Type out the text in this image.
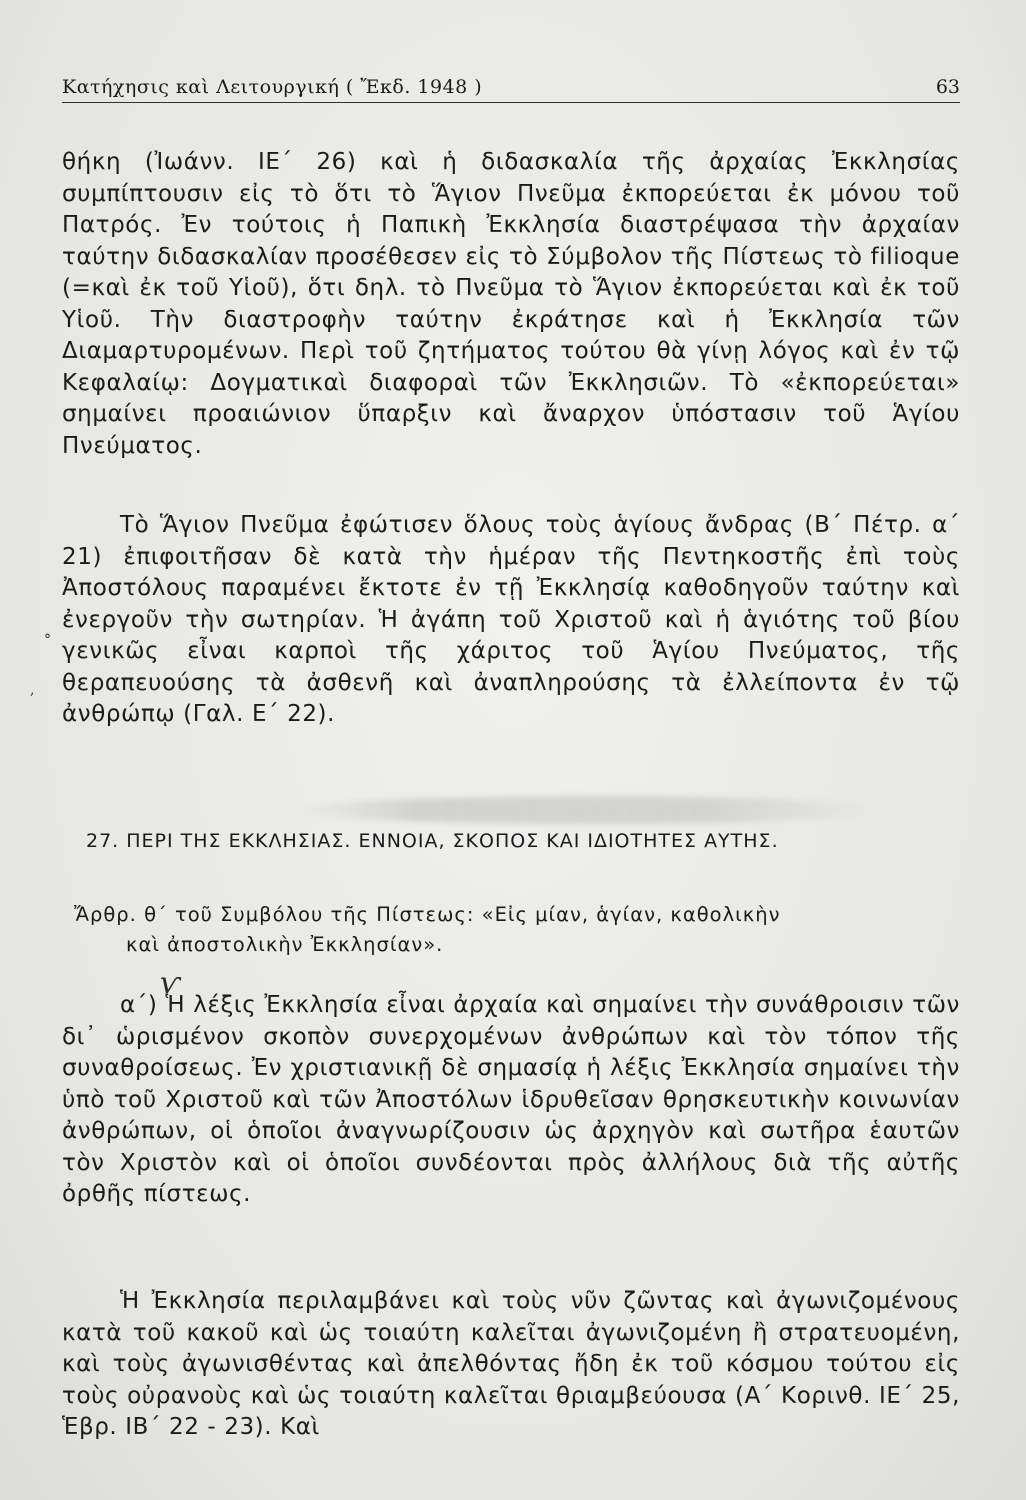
Κατήχησις καὶ Λειτουργική ( Ἔκδ. 1948 )	63
θήκη (Ἰωάνν. ΙΕ΄ 26) καὶ ἡ διδασκαλία τῆς ἀρχαίας Ἐκκλησίας συμπίπτουσιν εἰς τὸ ὅτι τὸ Ἅγιον Πνεῦμα ἐκπορεύεται ἐκ μόνου τοῦ Πατρός. Ἐν τούτοις ἡ Παπικὴ Ἐκκλησία διαστρέψασα τὴν ἀρχαίαν ταύτην διδασκαλίαν προσέθεσεν εἰς τὸ Σύμβολον τῆς Πίστεως τὸ filioque (=καὶ ἐκ τοῦ Υἱοῦ), ὅτι δηλ. τὸ Πνεῦμα τὸ Ἅγιον ἐκπορεύεται καὶ ἐκ τοῦ Υἱοῦ. Τὴν διαστροφὴν ταύτην ἐκράτησε καὶ ἡ Ἐκκλησία τῶν Διαμαρτυρομένων. Περὶ τοῦ ζητήματος τούτου θὰ γίνῃ λόγος καὶ ἐν τῷ Κεφαλαίῳ: Δογματικαὶ διαφοραὶ τῶν Ἐκκλησιῶν. Τὸ «ἐκπορεύεται» σημαίνει προαιώνιον ὕπαρξιν καὶ ἄναρχον ὑπόστασιν τοῦ Ἁγίου Πνεύματος.
Τὸ Ἅγιον Πνεῦμα ἐφώτισεν ὅλους τοὺς ἁγίους ἄνδρας (Β΄ Πέτρ. α΄ 21) ἐπιφοιτῆσαν δὲ κατὰ τὴν ἡμέραν τῆς Πεντηκοστῆς ἐπὶ τοὺς Ἀποστόλους παραμένει ἔκτοτε ἐν τῇ Ἐκκλησίᾳ καθοδηγοῦν ταύτην καὶ ἐνεργοῦν τὴν σωτηρίαν. Ἡ ἀγάπη τοῦ Χριστοῦ καὶ ἡ ἁγιότης τοῦ βίου γενικῶς εἶναι καρποὶ τῆς χάριτος τοῦ Ἁγίου Πνεύματος, τῆς θεραπευούσης τὰ ἀσθενῆ καὶ ἀναπληρούσης τὰ ἐλλείποντα ἐν τῷ ἀνθρώπῳ (Γαλ. Ε΄ 22).
27. ΠΕΡΙ ΤΗΣ ΕΚΚΛΗΣΙΑΣ. ΕΝΝΟΙΑ, ΣΚΟΠΟΣ ΚΑΙ ΙΔΙΟΤΗΤΕΣ ΑΥΤΗΣ.
Ἄρθρ. θ΄ τοῦ Συμβόλου τῆς Πίστεως: «Εἰς μίαν, ἁγίαν, καθολικὴν
καὶ ἀποστολικὴν Ἐκκλησίαν».
α΄) Ἡ λέξις Ἐκκλησία εἶναι ἀρχαία καὶ σημαίνει τὴν συνάθροισιν τῶν δι᾽ ὡρισμένον σκοπὸν συνερχομένων ἀνθρώπων καὶ τὸν τόπον τῆς συναθροίσεως. Ἐν χριστιανικῇ δὲ σημασίᾳ ἡ λέξις Ἐκκλησία σημαίνει τὴν ὑπὸ τοῦ Χριστοῦ καὶ τῶν Ἀποστόλων ἱδρυθεῖσαν θρησκευτικὴν κοινωνίαν ἀνθρώπων, οἱ ὁποῖοι ἀναγνωρίζουσιν ὡς ἀρχηγὸν καὶ σωτῆρα ἑαυτῶν τὸν Χριστὸν καὶ οἱ ὁποῖοι συνδέονται πρὸς ἀλλήλους διὰ τῆς αὐτῆς ὀρθῆς πίστεως.
Ἡ Ἐκκλησία περιλαμβάνει καὶ τοὺς νῦν ζῶντας καὶ ἀγωνιζομένους κατὰ τοῦ κακοῦ καὶ ὡς τοιαύτη καλεῖται ἀγωνιζομένη ἢ στρατευομένη, καὶ τοὺς ἀγωνισθέντας καὶ ἀπελθόντας ἤδη ἐκ τοῦ κόσμου τούτου εἰς τοὺς οὐρανοὺς καὶ ὡς τοιαύτη καλεῖται θριαμβεύουσα (Α΄ Κορινθ. ΙΕ΄ 25, Ἑβρ. ΙΒ΄ 22 - 23). Καὶ
°
,
ⱱ
